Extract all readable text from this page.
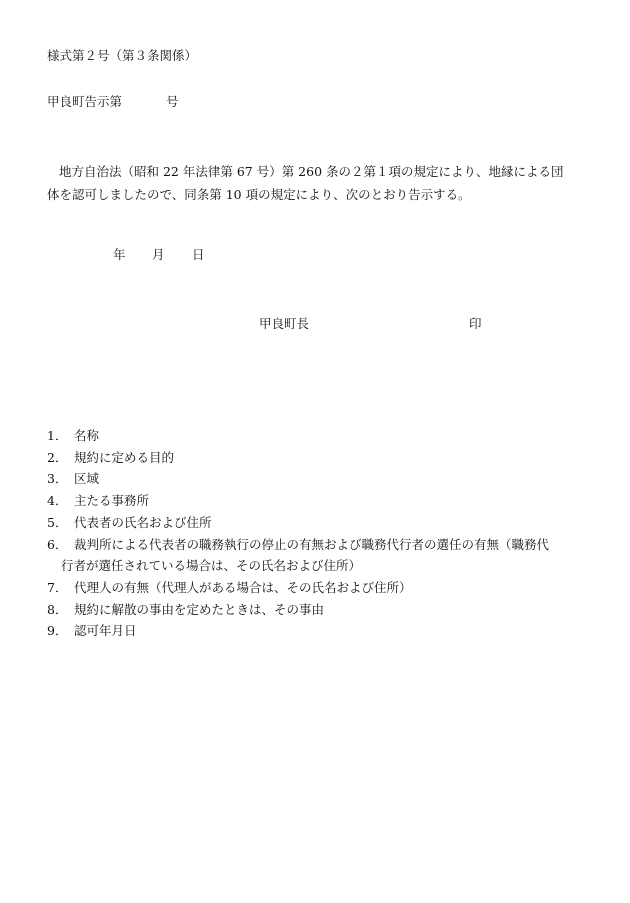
様式第２号（第３条関係）
甲良町告示第	号
地方自治法（昭和 22 年法律第 67 号）第 260 条の２第１項の規定により、地縁による団
体を認可しましたので、同条第 10 項の規定により、次のとおり告示する。
年 月 日
甲良町長	印
1． 名称
2． 規約に定める目的
3． 区域
4． 主たる事務所
5． 代表者の氏名および住所
6． 裁判所による代表者の職務執行の停止の有無および職務代行者の選任の有無（職務代
行者が選任されている場合は、その氏名および住所）
7． 代理人の有無（代理人がある場合は、その氏名および住所）
8． 規約に解散の事由を定めたときは、その事由
9． 認可年月日
